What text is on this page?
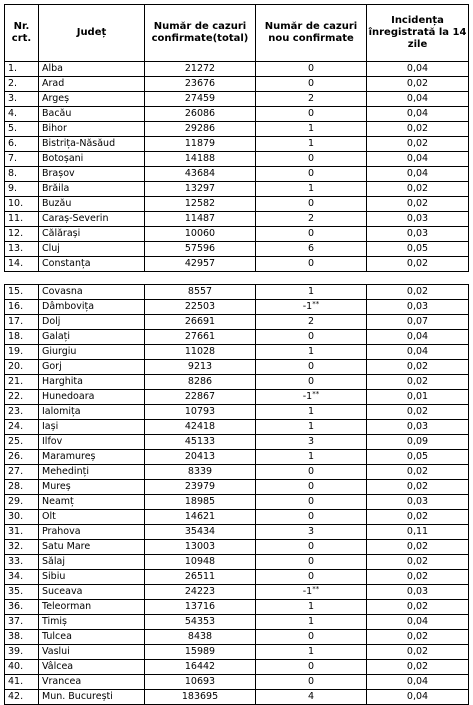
Nr. crt.	Județ	Număr de cazuri confirmate(total)	Număr de cazuri nou confirmate	Incidența înregistrată la 14 zile
1.	Alba	21272	0	0,04
2.	Arad	23676	0	0,02
3.	Argeș	27459	2	0,04
4.	Bacău	26086	0	0,04
5.	Bihor	29286	1	0,02
6.	Bistrița-Năsăud	11879	1	0,02
7.	Botoșani	14188	0	0,04
8.	Brașov	43684	0	0,04
9.	Brăila	13297	1	0,02
10.	Buzău	12582	0	0,02
11.	Caraș-Severin	11487	2	0,03
12.	Călărași	10060	0	0,03
13.	Cluj	57596	6	0,05
14.	Constanța	42957	0	0,02

15.	Covasna	8557	1	0,02
16.	Dâmbovița	22503	-1**	0,03
17.	Dolj	26691	2	0,07
18.	Galați	27661	0	0,04
19.	Giurgiu	11028	1	0,04
20.	Gorj	9213	0	0,02
21.	Harghita	8286	0	0,02
22.	Hunedoara	22867	-1**	0,01
23.	Ialomița	10793	1	0,02
24.	Iași	42418	1	0,03
25.	Ilfov	45133	3	0,09
26.	Maramureș	20413	1	0,05
27.	Mehedinți	8339	0	0,02
28.	Mureș	23979	0	0,02
29.	Neamț	18985	0	0,03
30.	Olt	14621	0	0,02
31.	Prahova	35434	3	0,11
32.	Satu Mare	13003	0	0,02
33.	Sălaj	10948	0	0,02
34.	Sibiu	26511	0	0,02
35.	Suceava	24223	-1**	0,03
36.	Teleorman	13716	1	0,02
37.	Timiș	54353	1	0,04
38.	Tulcea	8438	0	0,02
39.	Vaslui	15989	1	0,02
40.	Vâlcea	16442	0	0,02
41.	Vrancea	10693	0	0,04
42.	Mun. București	183695	4	0,04
